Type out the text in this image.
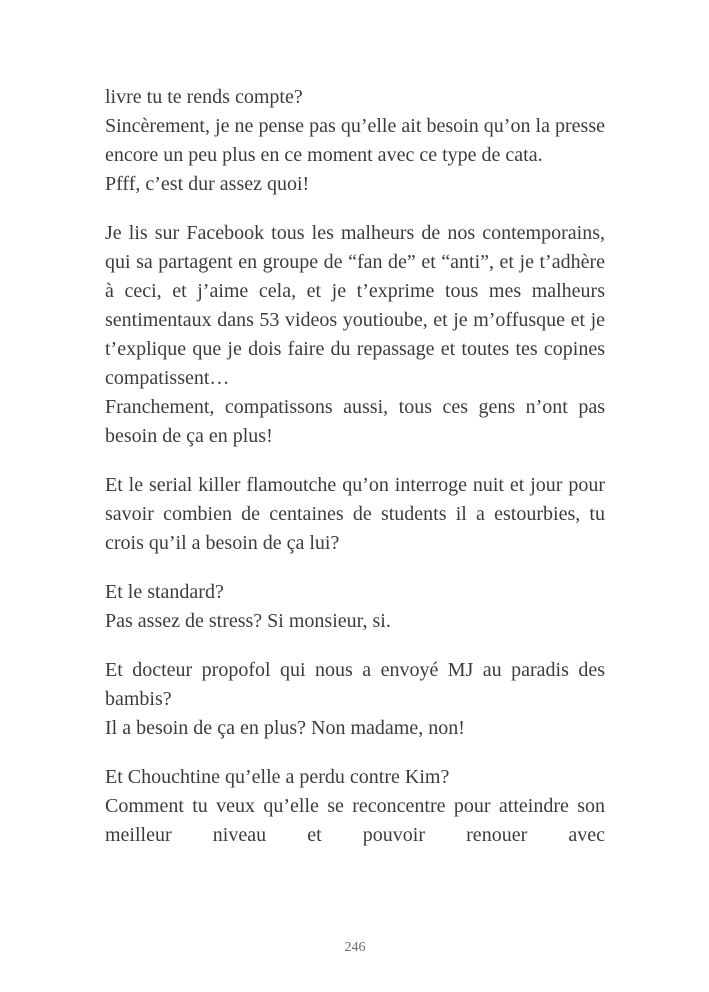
livre tu te rends compte?

Sincèrement, je ne pense pas qu’elle ait besoin qu’on la presse encore un peu plus en ce moment avec ce type de cata.

Pfff, c’est dur assez quoi!

Je lis sur Facebook tous les malheurs de nos contemporains, qui sa partagent en groupe de “fan de” et “anti”, et je t’adhère à ceci, et j’aime cela, et je t’exprime tous mes malheurs sentimentaux dans 53 videos youtioube, et je m’offusque et je t’explique que je dois faire du repassage et toutes tes copines compatissent…

Franchement, compatissons aussi, tous ces gens n’ont pas besoin de ça en plus!

Et le serial killer flamoutche qu’on interroge nuit et jour pour savoir combien de centaines de students il a estourbies, tu crois qu’il a besoin de ça lui?

Et le standard?

Pas assez de stress? Si monsieur, si.

Et docteur propofol qui nous a envoyé MJ au paradis des bambis?

Il a besoin de ça en plus? Non madame, non!

Et Chouchtine qu’elle a perdu contre Kim?

Comment tu veux qu’elle se reconcentre pour atteindre son meilleur niveau et pouvoir renouer avec

246
